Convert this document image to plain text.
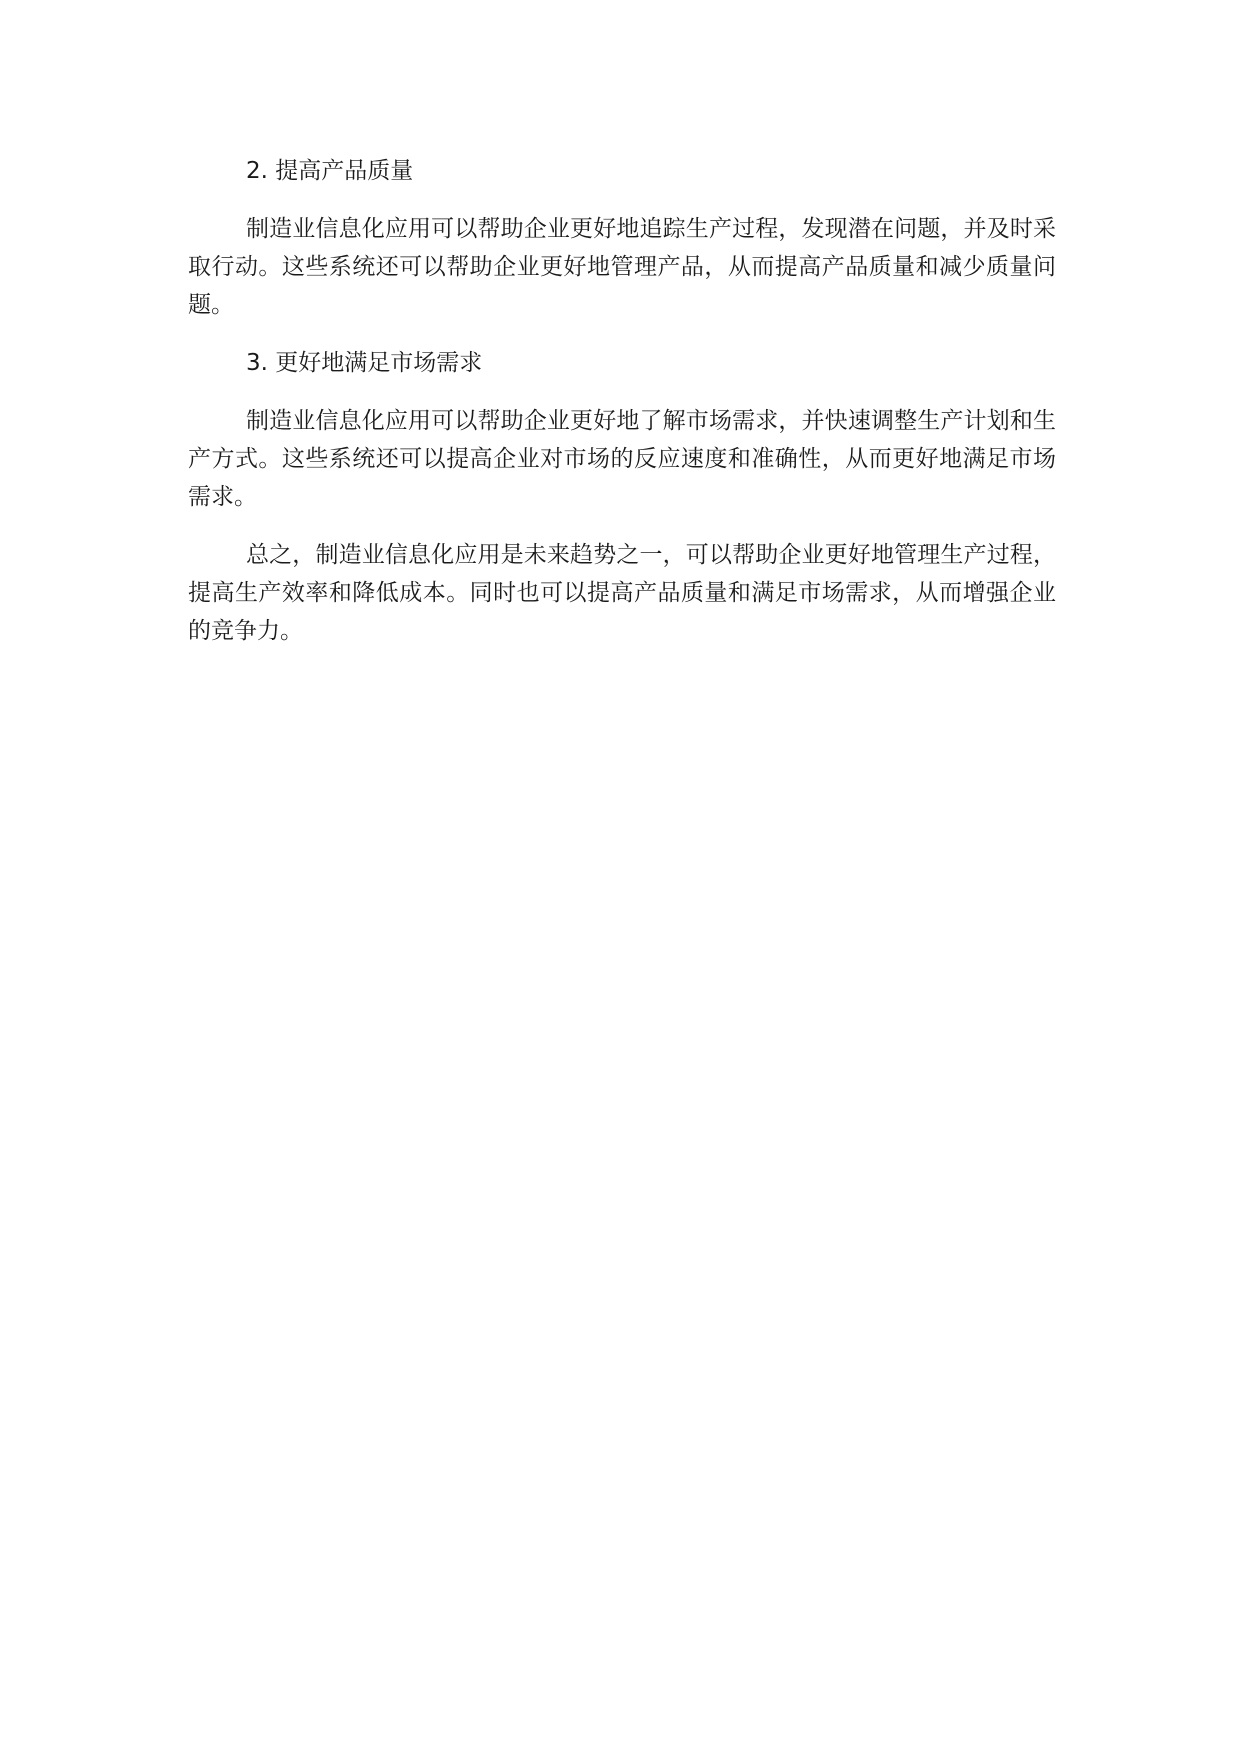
2. 提高产品质量

制造业信息化应用可以帮助企业更好地追踪生产过程，发现潜在问题，并及时采取行动。这些系统还可以帮助企业更好地管理产品，从而提高产品质量和减少质量问题。

3. 更好地满足市场需求

制造业信息化应用可以帮助企业更好地了解市场需求，并快速调整生产计划和生产方式。这些系统还可以提高企业对市场的反应速度和准确性，从而更好地满足市场需求。

总之，制造业信息化应用是未来趋势之一，可以帮助企业更好地管理生产过程，提高生产效率和降低成本。同时也可以提高产品质量和满足市场需求，从而增强企业的竞争力。
